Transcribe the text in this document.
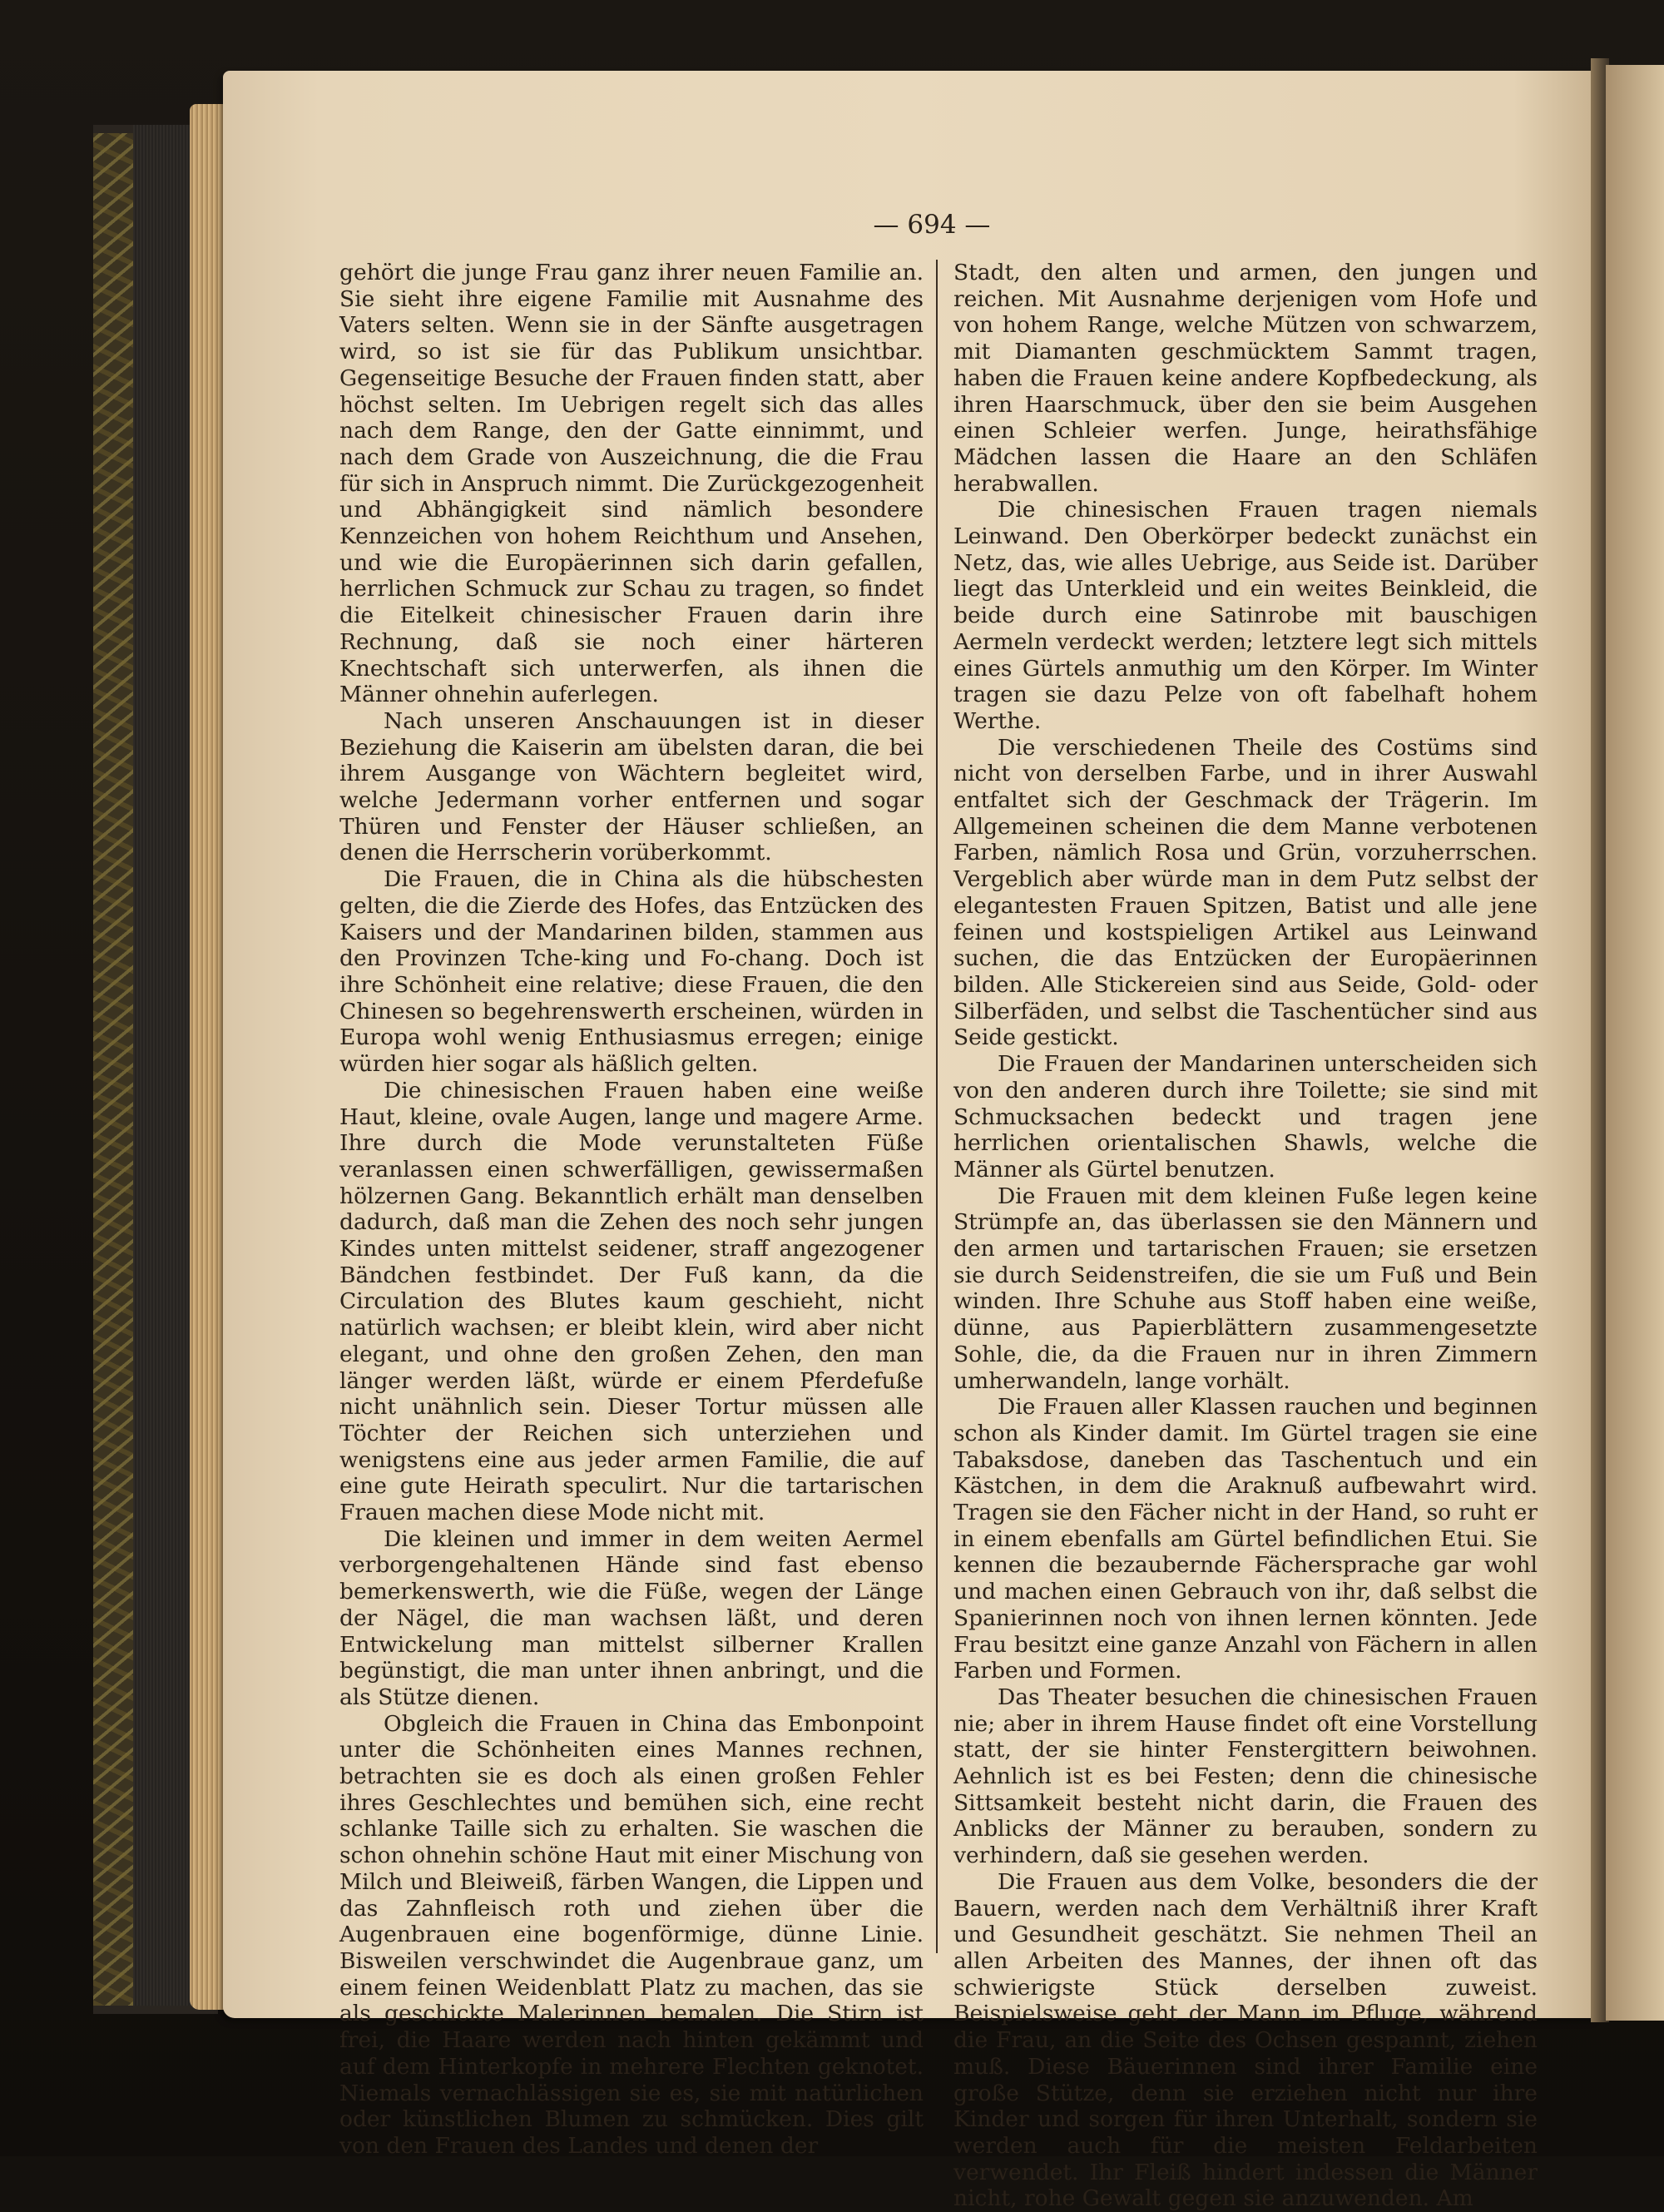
— 694 —

gehört die junge Frau ganz ihrer neuen Familie an. Sie sieht ihre eigene Familie mit Ausnahme des Vaters selten. Wenn sie in der Sänfte ausgetragen wird, so ist sie für das Publikum unsichtbar. Gegenseitige Besuche der Frauen finden statt, aber höchst selten. Im Uebrigen regelt sich das alles nach dem Range, den der Gatte einnimmt, und nach dem Grade von Auszeichnung, die die Frau für sich in Anspruch nimmt. Die Zurückgezogenheit und Abhängigkeit sind nämlich besondere Kennzeichen von hohem Reichthum und Ansehen, und wie die Europäerinnen sich darin gefallen, herrlichen Schmuck zur Schau zu tragen, so findet die Eitelkeit chinesischer Frauen darin ihre Rechnung, daß sie noch einer härteren Knechtschaft sich unterwerfen, als ihnen die Männer ohnehin auferlegen.

Nach unseren Anschauungen ist in dieser Beziehung die Kaiserin am übelsten daran, die bei ihrem Ausgange von Wächtern begleitet wird, welche Jedermann vorher entfernen und sogar Thüren und Fenster der Häuser schließen, an denen die Herrscherin vorüberkommt.

Die Frauen, die in China als die hübschesten gelten, die die Zierde des Hofes, das Entzücken des Kaisers und der Mandarinen bilden, stammen aus den Provinzen Tche-king und Fo-chang. Doch ist ihre Schönheit eine relative; diese Frauen, die den Chinesen so begehrenswerth erscheinen, würden in Europa wohl wenig Enthusiasmus erregen; einige würden hier sogar als häßlich gelten.

Die chinesischen Frauen haben eine weiße Haut, kleine, ovale Augen, lange und magere Arme. Ihre durch die Mode verunstalteten Füße veranlassen einen schwerfälligen, gewissermaßen hölzernen Gang. Bekanntlich erhält man denselben dadurch, daß man die Zehen des noch sehr jungen Kindes unten mittelst seidener, straff angezogener Bändchen festbindet. Der Fuß kann, da die Circulation des Blutes kaum geschieht, nicht natürlich wachsen; er bleibt klein, wird aber nicht elegant, und ohne den großen Zehen, den man länger werden läßt, würde er einem Pferdefuße nicht unähnlich sein. Dieser Tortur müssen alle Töchter der Reichen sich unterziehen und wenigstens eine aus jeder armen Familie, die auf eine gute Heirath speculirt. Nur die tartarischen Frauen machen diese Mode nicht mit.

Die kleinen und immer in dem weiten Aermel verborgengehaltenen Hände sind fast ebenso bemerkenswerth, wie die Füße, wegen der Länge der Nägel, die man wachsen läßt, und deren Entwickelung man mittelst silberner Krallen begünstigt, die man unter ihnen anbringt, und die als Stütze dienen.

Obgleich die Frauen in China das Embonpoint unter die Schönheiten eines Mannes rechnen, betrachten sie es doch als einen großen Fehler ihres Geschlechtes und bemühen sich, eine recht schlanke Taille sich zu erhalten. Sie waschen die schon ohnehin schöne Haut mit einer Mischung von Milch und Bleiweiß, färben Wangen, die Lippen und das Zahnfleisch roth und ziehen über die Augenbrauen eine bogenförmige, dünne Linie. Bisweilen verschwindet die Augenbraue ganz, um einem feinen Weidenblatt Platz zu machen, das sie als geschickte Malerinnen bemalen. Die Stirn ist frei, die Haare werden nach hinten gekämmt und auf dem Hinterkopfe in mehrere Flechten geknotet. Niemals vernachlässigen sie es, sie mit natürlichen oder künstlichen Blumen zu schmücken. Dies gilt von den Frauen des Landes und denen der

Stadt, den alten und armen, den jungen und reichen. Mit Ausnahme derjenigen vom Hofe und von hohem Range, welche Mützen von schwarzem, mit Diamanten geschmücktem Sammt tragen, haben die Frauen keine andere Kopfbedeckung, als ihren Haarschmuck, über den sie beim Ausgehen einen Schleier werfen. Junge, heirathsfähige Mädchen lassen die Haare an den Schläfen herabwallen.

Die chinesischen Frauen tragen niemals Leinwand. Den Oberkörper bedeckt zunächst ein Netz, das, wie alles Uebrige, aus Seide ist. Darüber liegt das Unterkleid und ein weites Beinkleid, die beide durch eine Satinrobe mit bauschigen Aermeln verdeckt werden; letztere legt sich mittels eines Gürtels anmuthig um den Körper. Im Winter tragen sie dazu Pelze von oft fabelhaft hohem Werthe.

Die verschiedenen Theile des Costüms sind nicht von derselben Farbe, und in ihrer Auswahl entfaltet sich der Geschmack der Trägerin. Im Allgemeinen scheinen die dem Manne verbotenen Farben, nämlich Rosa und Grün, vorzuherrschen. Vergeblich aber würde man in dem Putz selbst der elegantesten Frauen Spitzen, Batist und alle jene feinen und kostspieligen Artikel aus Leinwand suchen, die das Entzücken der Europäerinnen bilden. Alle Stickereien sind aus Seide, Gold- oder Silberfäden, und selbst die Taschentücher sind aus Seide gestickt.

Die Frauen der Mandarinen unterscheiden sich von den anderen durch ihre Toilette; sie sind mit Schmucksachen bedeckt und tragen jene herrlichen orientalischen Shawls, welche die Männer als Gürtel benutzen.

Die Frauen mit dem kleinen Fuße legen keine Strümpfe an, das überlassen sie den Männern und den armen und tartarischen Frauen; sie ersetzen sie durch Seidenstreifen, die sie um Fuß und Bein winden. Ihre Schuhe aus Stoff haben eine weiße, dünne, aus Papierblättern zusammengesetzte Sohle, die, da die Frauen nur in ihren Zimmern umherwandeln, lange vorhält.

Die Frauen aller Klassen rauchen und beginnen schon als Kinder damit. Im Gürtel tragen sie eine Tabaksdose, daneben das Taschentuch und ein Kästchen, in dem die Araknuß aufbewahrt wird. Tragen sie den Fächer nicht in der Hand, so ruht er in einem ebenfalls am Gürtel befindlichen Etui. Sie kennen die bezaubernde Fächersprache gar wohl und machen einen Gebrauch von ihr, daß selbst die Spanierinnen noch von ihnen lernen könnten. Jede Frau besitzt eine ganze Anzahl von Fächern in allen Farben und Formen.

Das Theater besuchen die chinesischen Frauen nie; aber in ihrem Hause findet oft eine Vorstellung statt, der sie hinter Fenstergittern beiwohnen. Aehnlich ist es bei Festen; denn die chinesische Sittsamkeit besteht nicht darin, die Frauen des Anblicks der Männer zu berauben, sondern zu verhindern, daß sie gesehen werden.

Die Frauen aus dem Volke, besonders die der Bauern, werden nach dem Verhältniß ihrer Kraft und Gesundheit geschätzt. Sie nehmen Theil an allen Arbeiten des Mannes, der ihnen oft das schwierigste Stück derselben zuweist. Beispielsweise geht der Mann im Pfluge, während die Frau, an die Seite des Ochsen gespannt, ziehen muß. Diese Bäuerinnen sind ihrer Familie eine große Stütze, denn sie erziehen nicht nur ihre Kinder und sorgen für ihren Unterhalt, sondern sie werden auch für die meisten Feldarbeiten verwendet. Ihr Fleiß hindert indessen die Männer nicht, rohe Gewalt gegen sie anzuwenden. Am
